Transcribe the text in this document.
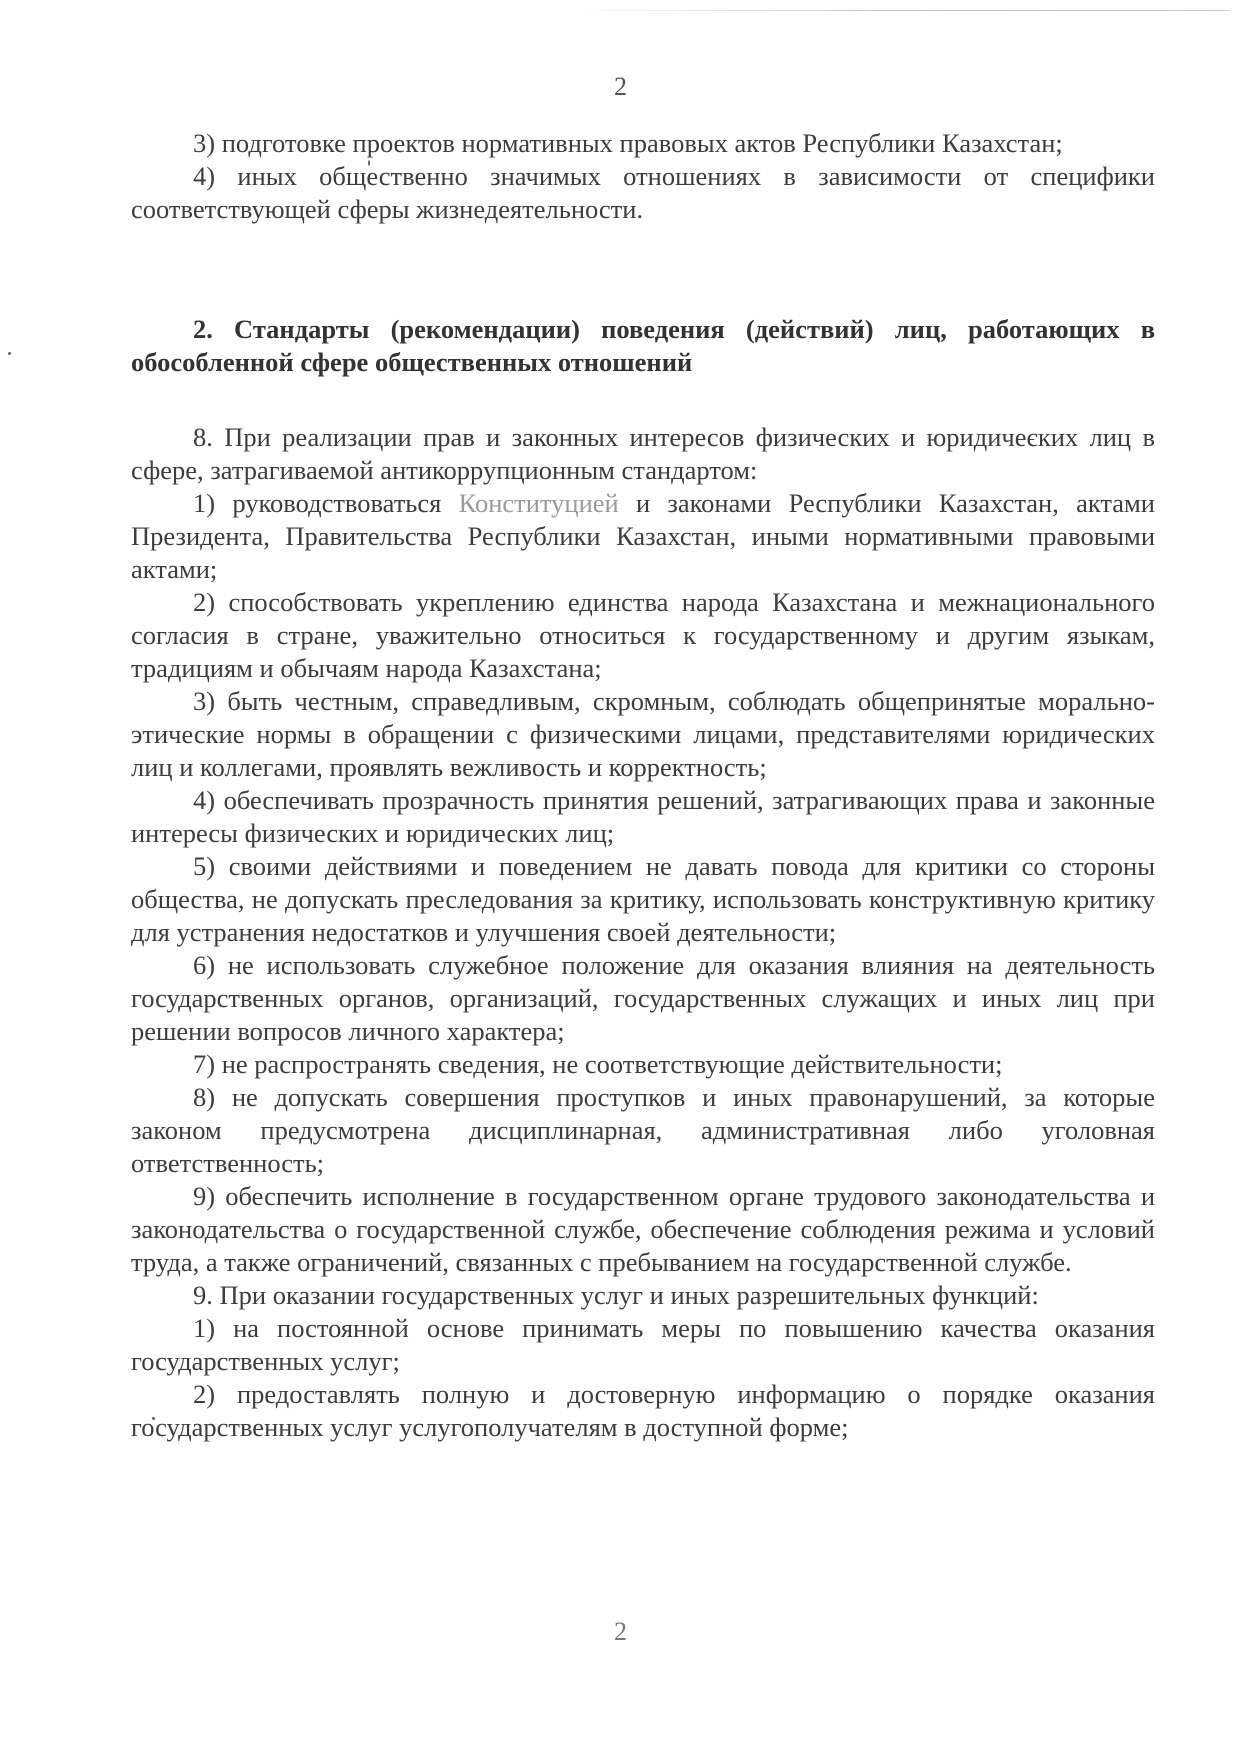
2

3) подготовке проектов нормативных правовых актов Республики Казахстан;

4) иных общественно значимых отношениях в зависимости от специфики соответствующей сферы жизнедеятельности.

2. Стандарты (рекомендации) поведения (действий) лиц, работающих в обособленной сфере общественных отношений

8. При реализации прав и законных интересов физических и юридичеєких лиц в сфере, затрагиваемой антикоррупционным стандартом:

1) руководствоваться Конституцией и законами Республики Казахстан, актами Президента, Правительства Республики Казахстан, иными нормативными правовыми актами;

2) способствовать укреплению единства народа Казахстана и межнационального согласия в стране, уважительно относиться к государственному и другим языкам, традициям и обычаям народа Казахстана;

3) быть честным, справедливым, скромным, соблюдать общепринятые морально-этические нормы в обращении с физическими лицами, представителями юридических лиц и коллегами, проявлять вежливость и корректность;

4) обеспечивать прозрачность принятия решений, затрагивающих права и законные интересы физических и юридических лиц;

5) своими действиями и поведением не давать повода для критики со стороны общества, не допускать преследования за критику, использовать конструктивную критику для устранения недостатков и улучшения своей деятельности;

6) не использовать служебное положение для оказания влияния на деятельность государственных органов, организаций, государственных служащих и иных лиц при решении вопросов личного характера;

7) не распространять сведения, не соответствующие действительности;

8) не допускать совершения проступков и иных правонарушений, за которые законом предусмотрена дисциплинарная, административная либо уголовная ответственность;

9) обеспечить исполнение в государственном органе трудового законодательства и законодательства о государственной службе, обеспечение соблюдения режима и условий труда, а также ограничений, связанных с пребыванием на государственной службе.

9. При оказании государственных услуг и иных разрешительных функций:

1) на постоянной основе принимать меры по повышению качества оказания государственных услуг;

2) предоставлять полную и достоверную информацию о порядке оказания государственных услуг услугополучателям в доступной форме;

2
